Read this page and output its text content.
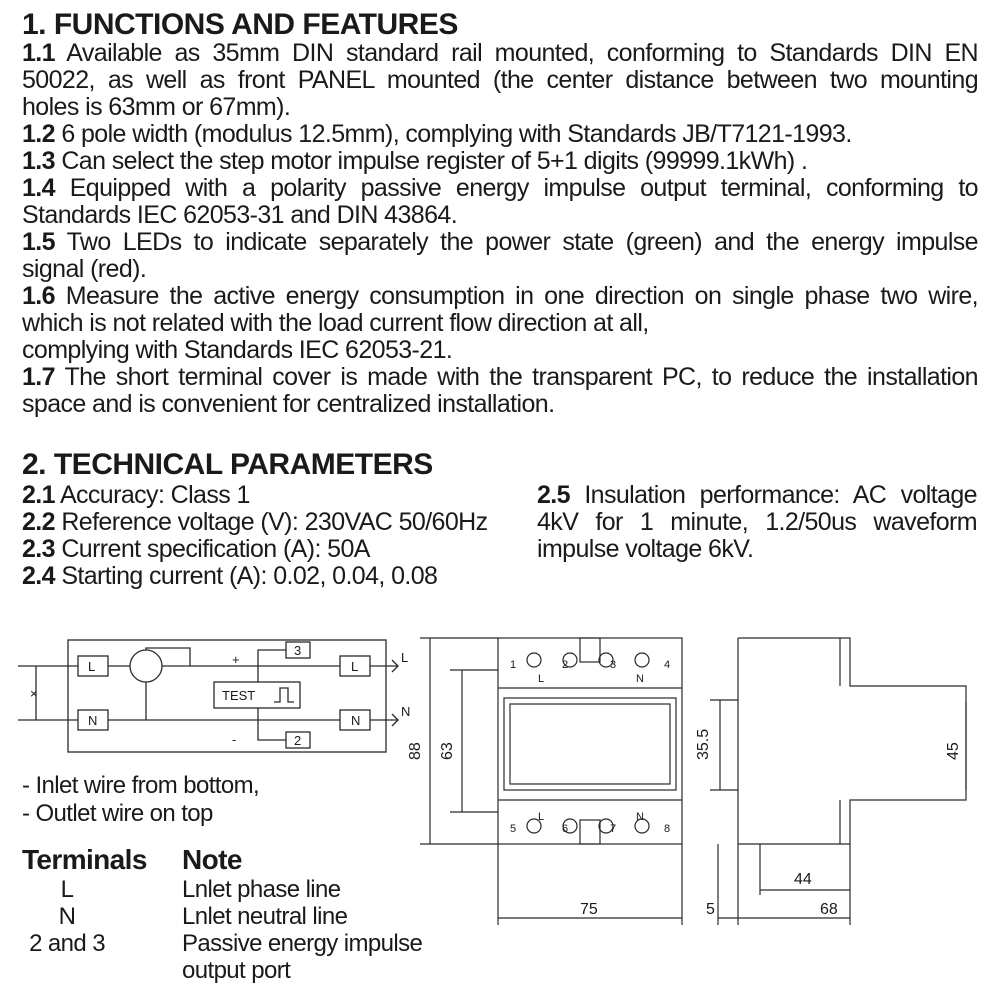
1. FUNCTIONS AND FEATURES
1.1 Available as 35mm DIN standard rail mounted, conforming to Standards DIN EN
50022, as well as front PANEL mounted (the center distance between two mounting
holes is 63mm or 67mm).
1.2 6 pole width (modulus 12.5mm), complying with Standards JB/T7121-1993.
1.3 Can select the step motor impulse register of 5+1 digits (99999.1kWh) .
1.4 Equipped with a polarity passive energy impulse output terminal, conforming to
Standards IEC 62053-31 and DIN 43864.
1.5 Two LEDs to indicate separately the power state (green) and the energy impulse
signal (red).
1.6 Measure the active energy consumption in one direction on single phase two wire,
which is not related with the load current flow direction at all,
complying with Standards IEC 62053-21.
1.7 The short terminal cover is made with the transparent PC, to reduce the installation
space and is convenient for centralized installation.
2. TECHNICAL PARAMETERS
2.1 Accuracy: Class 1
2.2 Reference voltage (V): 230VAC 50/60Hz
2.3 Current specification (A): 50A
2.4 Starting current (A): 0.02, 0.04, 0.08
2.5 Insulation performance: AC voltage
4kV for 1 minute, 1.2/50us waveform
impulse voltage 6kV.
L
N
L
N
L
N
×
+
-
3
2
TEST
1	2	3	4
5	6	7	8
L	N
L	N
88 63
75
35.5	45
44
5	68
- Inlet wire from bottom,
- Outlet wire on top
Terminals	Note
L	Lnlet phase line
N	Lnlet neutral line
2 and 3	Passive energy impulse
output port
